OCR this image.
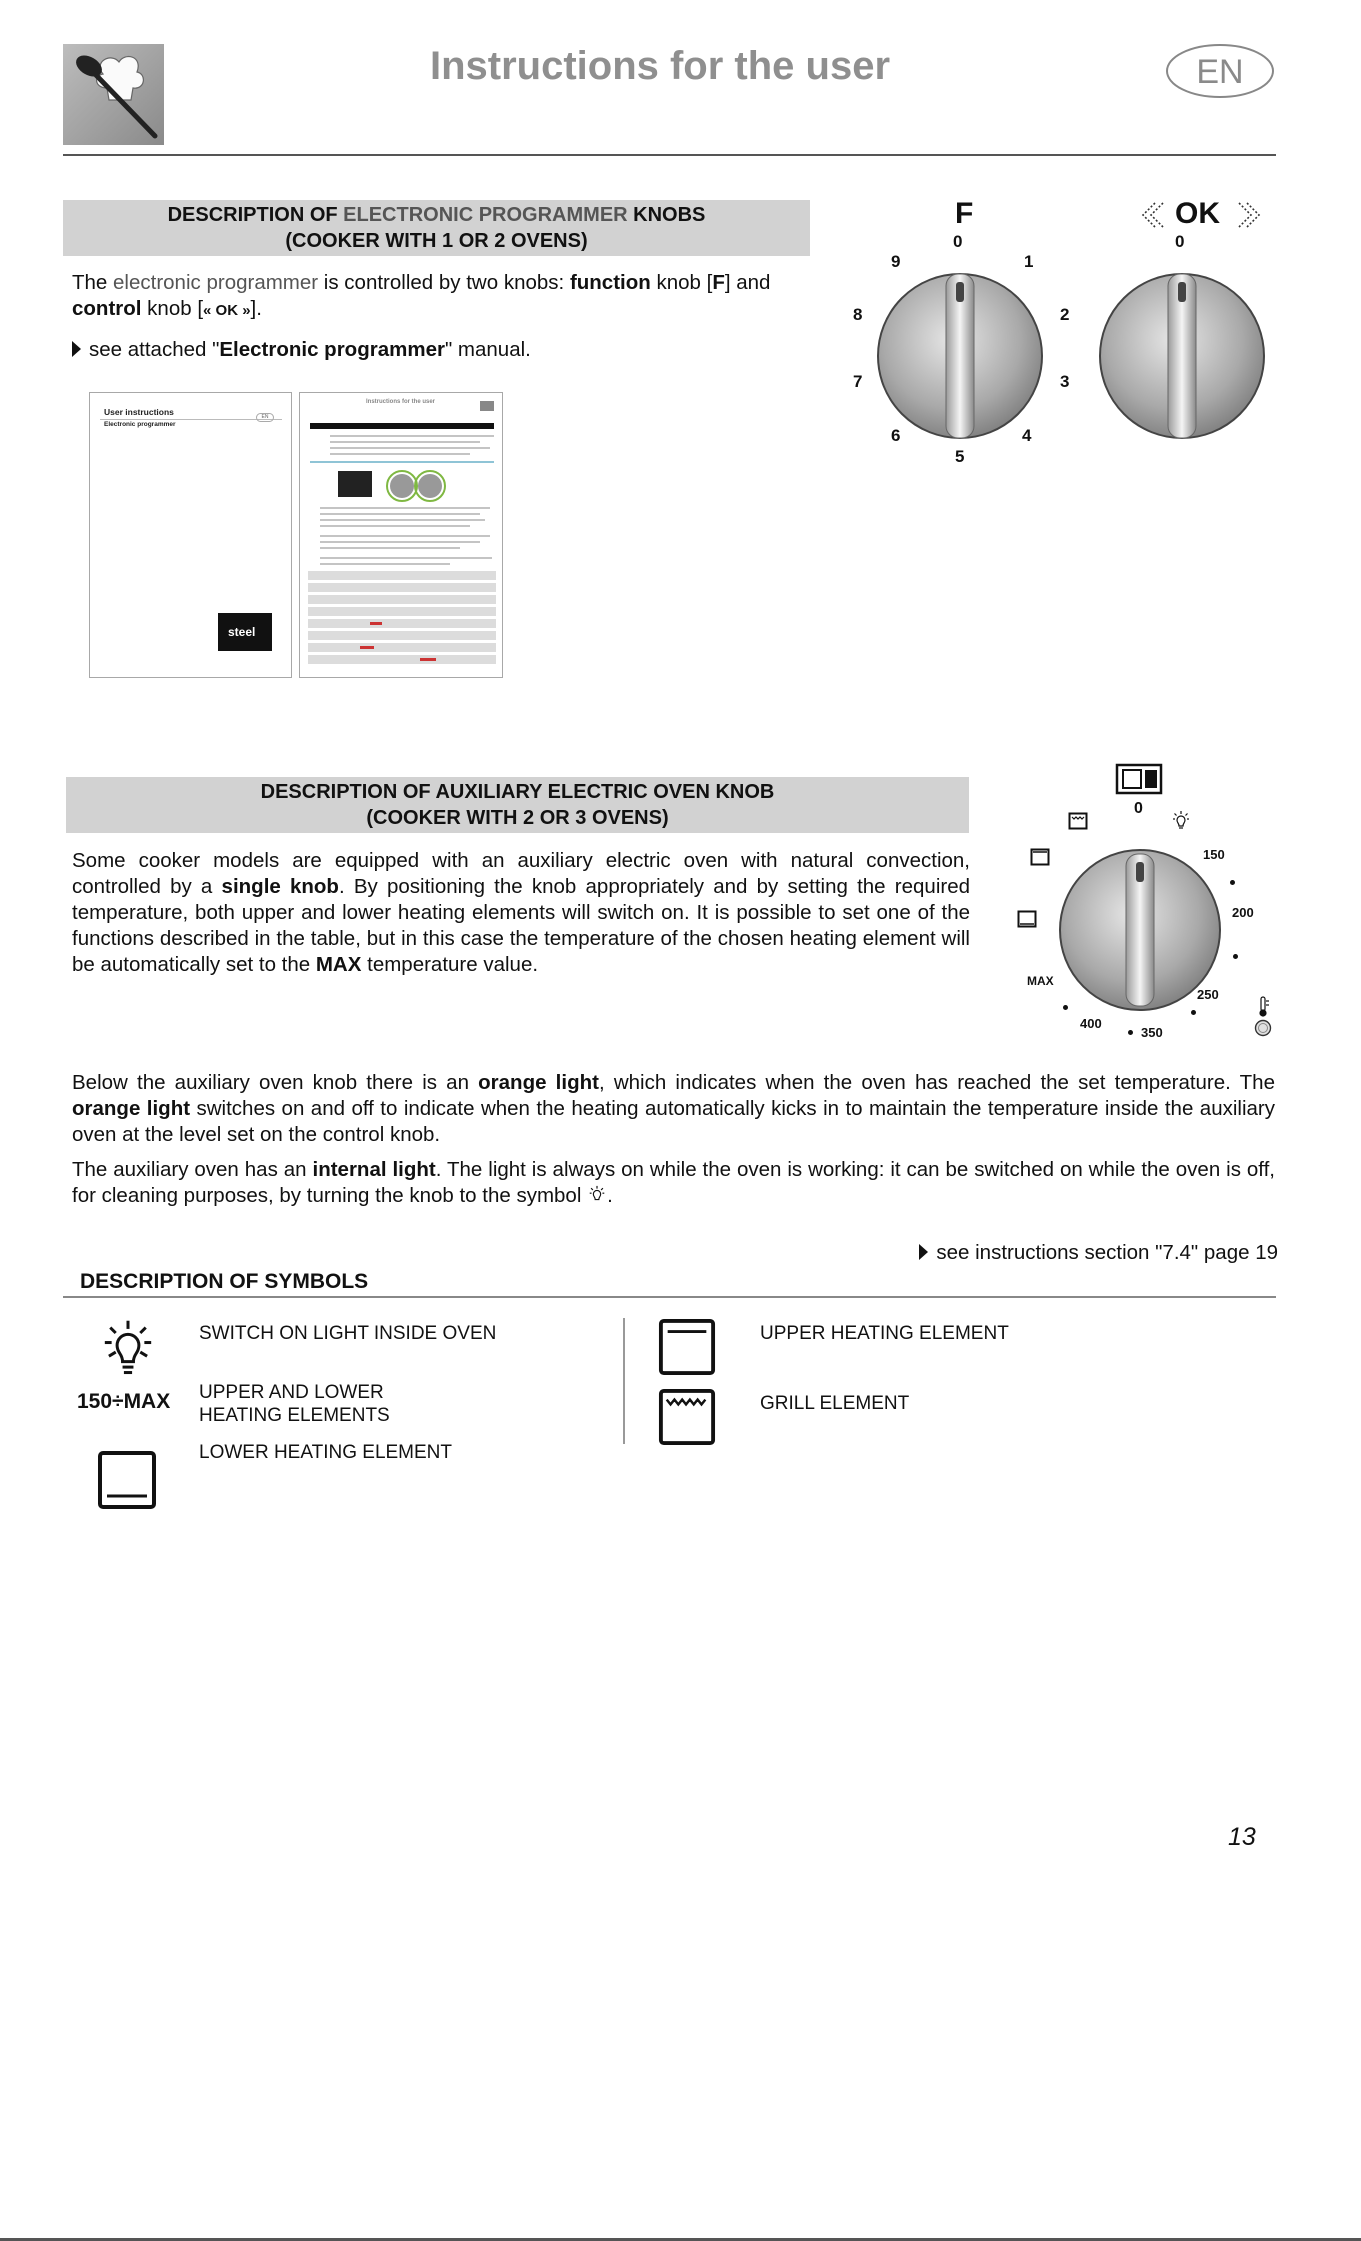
Instructions for the user	EN
DESCRIPTION OF ELECTRONIC PROGRAMMER KNOBS
(COOKER WITH 1 OR 2 OVENS)
The electronic programmer is controlled by two knobs: function knob [F] and control knob [« OK »].
see attached "Electronic programmer" manual.
User instructions
Electronic programmer
EN
steel
Instructions for the user
F
0
1
2
3
4
5
6
7
8
9
OK
0
DESCRIPTION OF AUXILIARY ELECTRIC OVEN KNOB
(COOKER WITH 2 OR 3 OVENS)
Some cooker models are equipped with an auxiliary electric oven with natural convection, controlled by a single knob. By positioning the knob appropriately and by setting the required temperature, both upper and lower heating elements will switch on. It is possible to set one of the functions described in the table, but in this case the temperature of the chosen heating element will be automatically set to the MAX temperature value.
0
150
200
250
350
400
MAX
Below the auxiliary oven knob there is an orange light, which indicates when the oven has reached the set temperature. The orange light switches on and off to indicate when the heating automatically kicks in to maintain the temperature inside the auxiliary oven at the level set on the control knob.
The auxiliary oven has an internal light. The light is always on while the oven is working: it can be switched on while the oven is off, for cleaning purposes, by turning the knob to the symbol .
see instructions section "7.4" page 19
DESCRIPTION OF SYMBOLS
SWITCH ON LIGHT INSIDE OVEN
150÷MAX UPPER AND LOWER
HEATING ELEMENTS
LOWER HEATING ELEMENT
UPPER HEATING ELEMENT
GRILL ELEMENT
13
